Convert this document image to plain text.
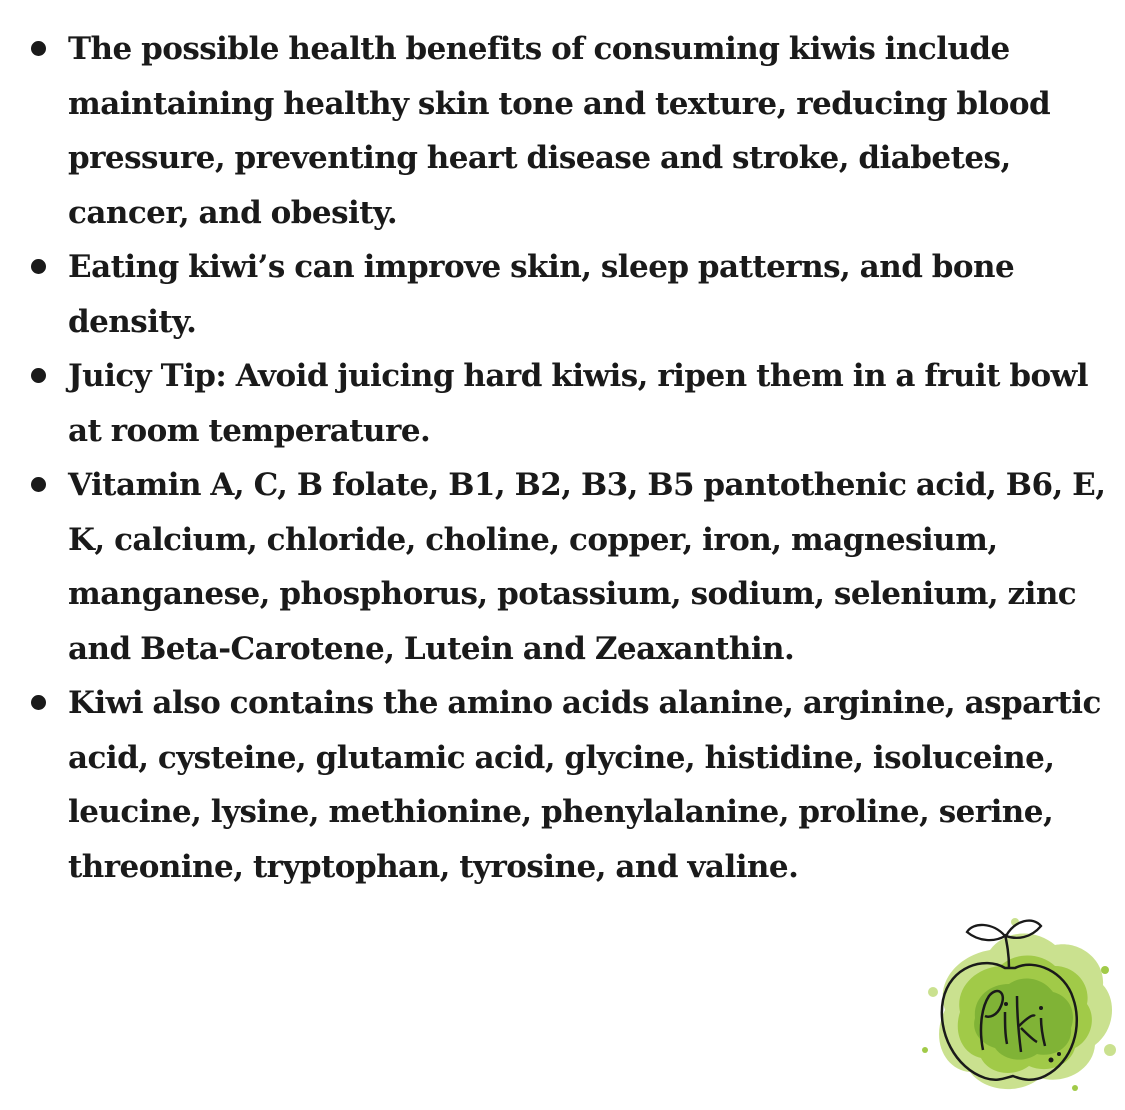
The possible health benefits of consuming kiwis include maintaining healthy skin tone and texture, reducing blood pressure, preventing heart disease and stroke, diabetes, cancer, and obesity.
Eating kiwi’s can improve skin, sleep patterns, and bone density.
Juicy Tip: Avoid juicing hard kiwis, ripen them in a fruit bowl at room temperature.
Vitamin A, C, B folate, B1, B2, B3, B5 pantothenic acid, B6, E, K, calcium, chloride, choline, copper, iron, magnesium, manganese, phosphorus, potassium, sodium, selenium, zinc and Beta-Carotene, Lutein and Zeaxanthin.
Kiwi also contains the amino acids alanine, arginine, aspartic acid, cysteine, glutamic acid, glycine, histidine, isoluceine, leucine, lysine, methionine, phenylalanine, proline, serine, threonine, tryptophan, tyrosine, and valine.
